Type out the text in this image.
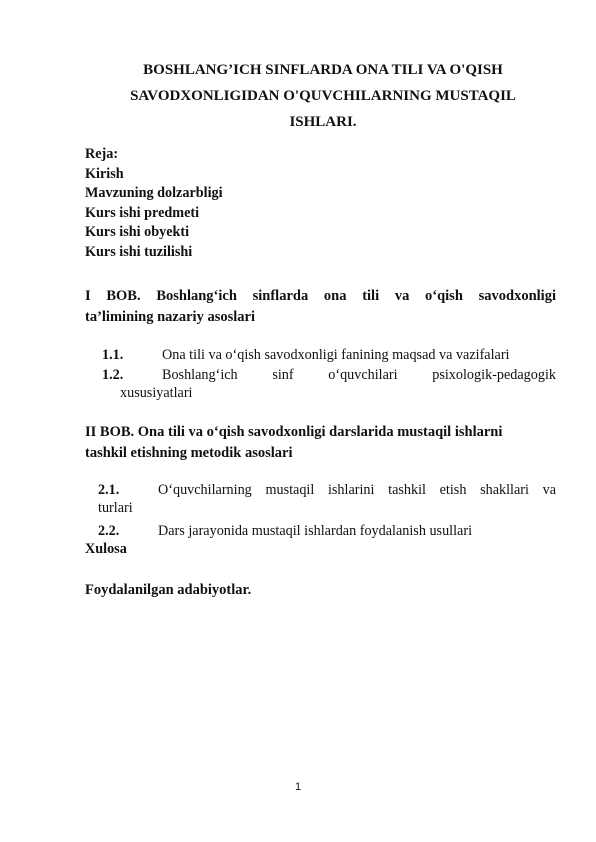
BOSHLANG’ICH SINFLARDA ONA TILI VA O'QISH
SAVODXONLIGIDAN O'QUVCHILARNING MUSTAQIL
ISHLARI.
Reja:
Kirish
Mavzuning dolzarbligi
Kurs ishi predmeti
Kurs ishi obyekti
Kurs ishi tuzilishi
I BOB. Boshlang‘ich sinflarda ona tili va o‘qish savodxonligi
ta’limining nazariy asoslari
1.1.	Ona tili va o‘qish savodxonligi fanining maqsad va vazifalari
1.2.	Boshlang‘ich sinf o‘quvchilari psixologik-pedagogik
xususiyatlari
II BOB. Ona tili va o‘qish savodxonligi darslarida mustaqil ishlarni
tashkil etishning metodik asoslari
2.1.	O‘quvchilarning mustaqil ishlarini tashkil etish shakllari va
turlari
2.2.	Dars jarayonida mustaqil ishlardan foydalanish usullari
Xulosa
Foydalanilgan adabiyotlar.
1
